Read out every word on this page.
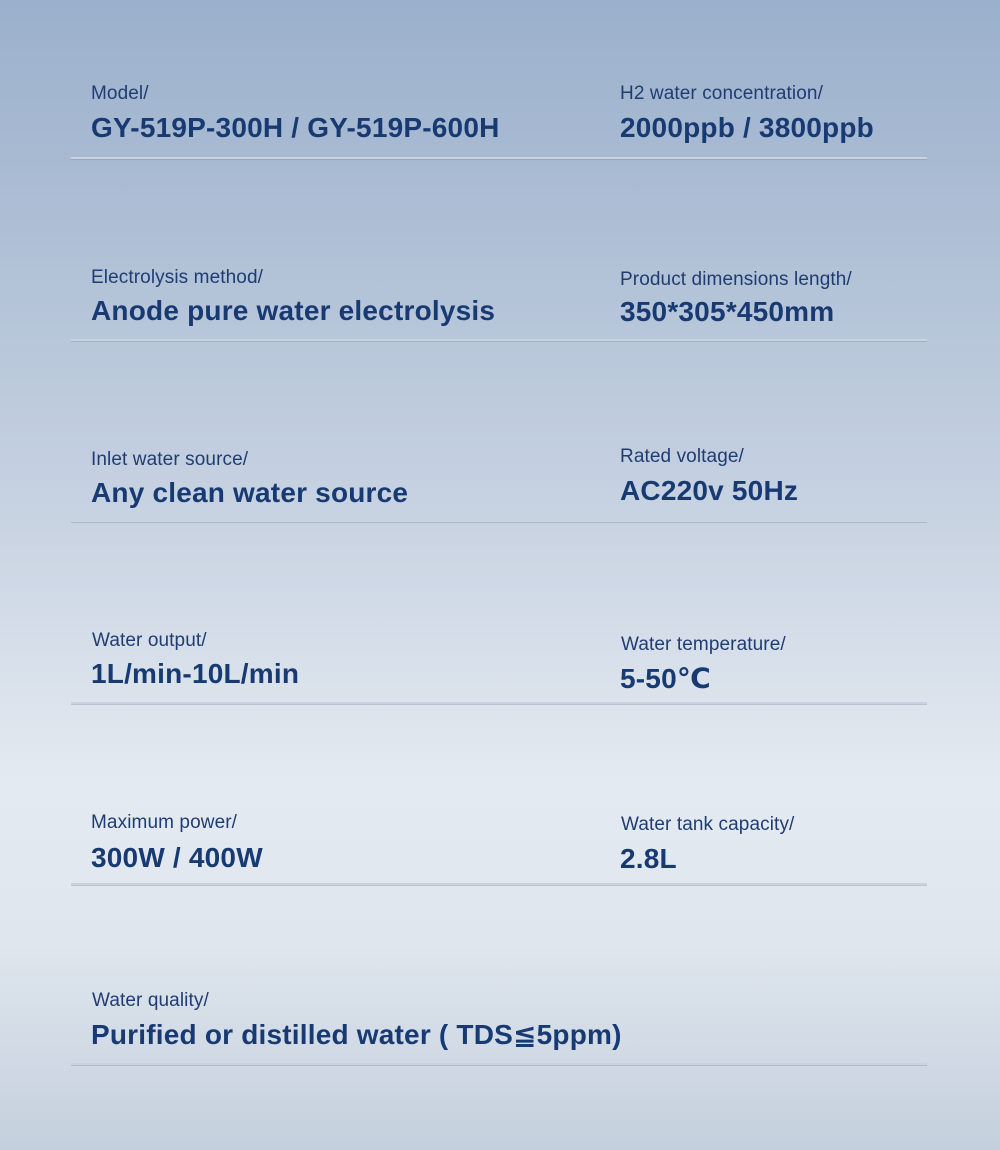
Model/
GY-519P-300H / GY-519P-600H
H2 water concentration/
2000ppb / 3800ppb
Electrolysis method/
Anode pure water electrolysis
Product dimensions length/
350*305*450mm
Inlet water source/
Any clean water source
Rated voltage/
AC220v 50Hz
Water output/
1L/min-10L/min
Water temperature/
5-50℃
Maximum power/
300W / 400W
Water tank capacity/
2.8L
Water quality/
Purified or distilled water ( TDS≦5ppm)
